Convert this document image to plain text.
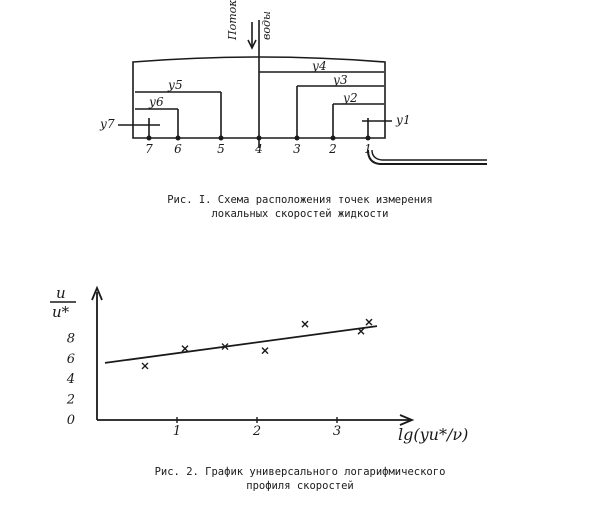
Потоκ воды
у4
у5	у3
у6	у2
у7	у1
7 6	5	4	3 2 1
Рис. I. Схема расположения точек измерения
локальных скоростей жидкости
u
u*
lg(yu*/ν)
1	2	3
0
2
4
6
8
Рис. 2. График универсального логарифмического
профиля скоростей
